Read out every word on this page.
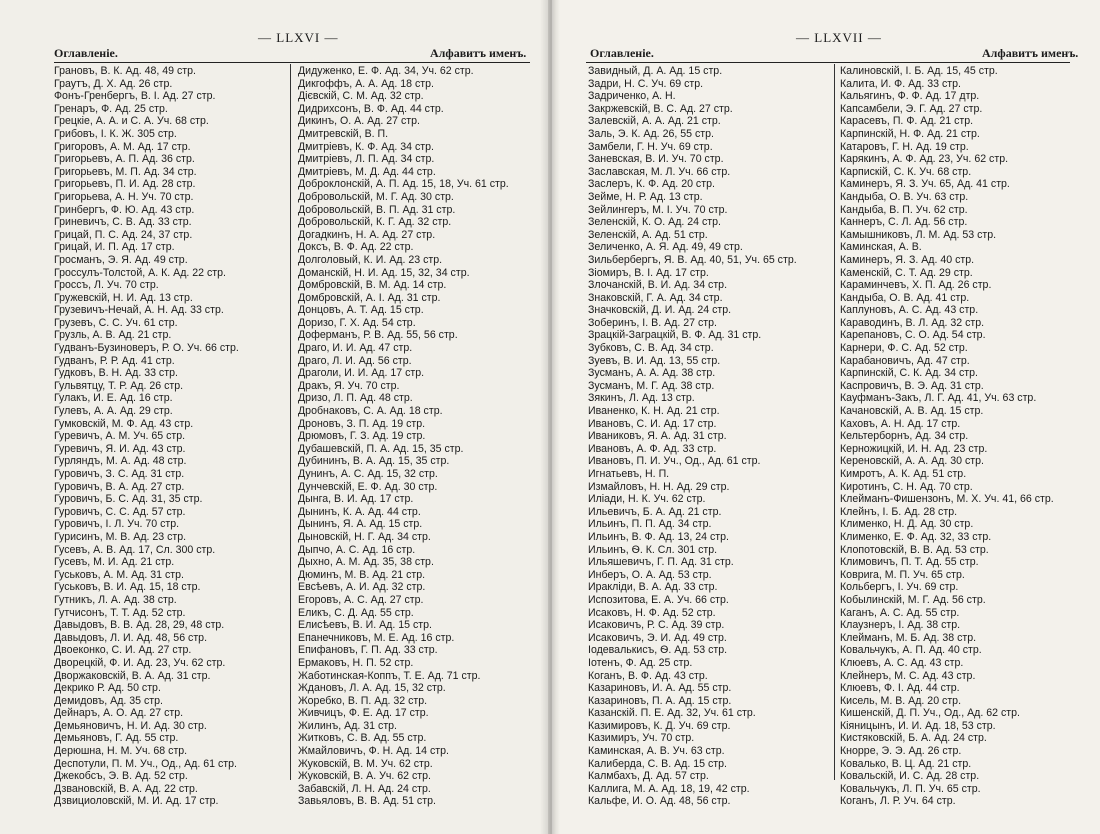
— LLXVI —
Оглавленіе.	Алфавитъ именъ.
Грановъ, В. К. Ад. 48, 49 стр.
Граутъ, Д. Х. Ад. 26 стр.
Фонъ-Гренбергъ, В. І. Ад. 27 стр.
Гренаръ, Ф. Ад. 25 стр.
Грецкіе, А. А. и С. А. Уч. 68 стр.
Грибовъ, І. К. Ж. 305 стр.
Григоровъ, А. М. Ад. 17 стр.
Григорьевъ, А. П. Ад. 36 стр.
Григорьевъ, М. П. Ад. 34 стр.
Григорьевъ, П. И. Ад. 28 стр.
Григорьева, А. Н. Уч. 70 стр.
Гринбергъ, Ф. Ю. Ад. 43 стр.
Гриневичъ, С. В. Ад. 33 стр.
Грицай, П. С. Ад. 24, 37 стр.
Грицай, И. П. Ад. 17 стр.
Гросманъ, Э. Я. Ад. 49 стр.
Гроссулъ-Толстой, А. К. Ад. 22 стр.
Гроссъ, Л. Уч. 70 стр.
Гружевскій, Н. И. Ад. 13 стр.
Грузевичъ-Нечай, А. Н. Ад. 33 стр.
Грузевъ, С. С. Уч. 61 стр.
Грузль, А. В. Ад. 21 стр.
Гудванъ-Бузиноверъ, Р. О. Уч. 66 стр.
Гудванъ, Р. Р. Ад. 41 стр.
Гудковъ, В. Н. Ад. 33 стр.
Гульвятцу, Т. Р. Ад. 26 стр.
Гулакъ, И. Е. Ад. 16 стр.
Гулевъ, А. А. Ад. 29 стр.
Гумковскій, М. Ф. Ад. 43 стр.
Гуревичъ, А. М. Уч. 65 стр.
Гуревичъ, Я. И. Ад. 43 стр.
Гурляндъ, М. А. Ад. 48 стр.
Гуровичъ, З. С. Ад. 31 стр.
Гуровичъ, В. А. Ад. 27 стр.
Гуровичъ, Б. С. Ад. 31, 35 стр.
Гуровичъ, С. С. Ад. 57 стр.
Гуровичъ, І. Л. Уч. 70 стр.
Гурисинъ, М. В. Ад. 23 стр.
Гусевъ, А. В. Ад. 17, Сл. 300 стр.
Гусевъ, М. И. Ад. 21 стр.
Гуськовъ, А. М. Ад. 31 стр.
Гуськовъ, В. И. Ад. 15, 18 стр.
Гутникъ, Л. А. Ад. 38 стр.
Гутчисонъ, Т. Т. Ад. 52 стр.
Давыдовъ, В. В. Ад. 28, 29, 48 стр.
Давыдовъ, Л. И. Ад. 48, 56 стр.
Двоеконко, С. И. Ад. 27 стр.
Дворецкій, Ф. И. Ад. 23, Уч. 62 стр.
Дворжаковскій, В. А. Ад. 31 стр.
Декрико Р. Ад. 50 стр.
Демидовъ, Ад. 35 стр.
Дейнаръ, А. О. Ад. 27 стр.
Демьяновичъ, Н. И. Ад. 30 стр.
Демьяновъ, Г. Ад. 55 стр.
Дерюшна, Н. М. Уч. 68 стр.
Деспотули, П. М. Уч., Од., Ад. 61 стр.
Джекобсъ, Э. В. Ад. 52 стр.
Дзвановскій, В. А. Ад. 22 стр.
Дзвициоловскій, М. И. Ад. 17 стр.
Дидуженко, Е. Ф. Ад. 34, Уч. 62 стр.
Дикгоффъ, А. А. Ад. 18 стр.
Дієвскій, С. М. Ад. 32 стр.
Дидрихсонъ, В. Ф. Ад. 44 стр.
Дикинъ, О. А. Ад. 27 стр.
Дмитревскій, В. П.
Дмитріевъ, К. Ф. Ад. 34 стр.
Дмитріевъ, Л. П. Ад. 34 стр.
Дмитріевъ, М. Д. Ад. 44 стр.
Доброклонскій, А. П. Ад. 15, 18, Уч. 61 стр.
Добровольскій, М. Г. Ад. 30 стр.
Добровольскій, В. П. Ад. 31 стр.
Добровольскій, К. Г. Ад. 32 стр.
Догадкинъ, Н. А. Ад. 27 стр.
Доксъ, В. Ф. Ад. 22 стр.
Долголовый, К. И. Ад. 23 стр.
Доманскій, Н. И. Ад. 15, 32, 34 стр.
Домбровскій, В. М. Ад. 14 стр.
Домбровскій, А. І. Ад. 31 стр.
Донцовъ, А. Т. Ад. 15 стр.
Доризо, Г. Х. Ад. 54 стр.
Доферманъ, Р. В. Ад. 55, 56 стр.
Драго, И. И. Ад. 47 стр.
Драго, Л. И. Ад. 56 стр.
Драголи, И. И. Ад. 17 стр.
Дракъ, Я. Уч. 70 стр.
Дризо, Л. П. Ад. 48 стр.
Дробнаковъ, С. А. Ад. 18 стр.
Дроновъ, З. П. Ад. 19 стр.
Дрюмовъ, Г. З. Ад. 19 стр.
Дубашевскій, П. А. Ад. 15, 35 стр.
Дубининъ, В. А. Ад. 15, 35 стр.
Дунинъ, А. С. Ад. 15, 32 стр.
Дунчевскій, Е. Ф. Ад. 30 стр.
Дынга, В. И. Ад. 17 стр.
Дынинъ, К. А. Ад. 44 стр.
Дынинъ, Я. А. Ад. 15 стр.
Дыновскій, Н. Г. Ад. 34 стр.
Дыпчо, А. С. Ад. 16 стр.
Дыхно, А. М. Ад. 35, 38 стр.
Дюминъ, М. В. Ад. 21 стр.
Евсѣевъ, А. И. Ад. 32 стр.
Егоровъ, А. С. Ад. 27 стр.
Еликъ, С. Д. Ад. 55 стр.
Елисѣевъ, В. И. Ад. 15 стр.
Епанечниковъ, М. Е. Ад. 16 стр.
Епифановъ, Г. П. Ад. 33 стр.
Ермаковъ, Н. П. 52 стр.
Жаботинская-Коппъ, Т. Е. Ад. 71 стр.
Ждановъ, Л. А. Ад. 15, 32 стр.
Жоребко, В. П. Ад. 32 стр.
Живчицъ, Ф. Е. Ад. 17 стр.
Жилинъ, Ад. 31 стр.
Житковъ, С. В. Ад. 55 стр.
Жмайловичъ, Ф. Н. Ад. 14 стр.
Жуковскій, В. М. Уч. 62 стр.
Жуковскій, В. А. Уч. 62 стр.
Забавскій, Л. Н. Ад. 24 стр.
Завьяловъ, В. В. Ад. 51 стр.
— LLXVII —
Оглавленіе.	Алфавитъ именъ.
Завидный, Д. А. Ад. 15 стр.
Задри, Н. С. Уч. 69 стр.
Задриченко, А. Н.
Закржевскій, В. С. Ад. 27 стр.
Залевскій, А. А. Ад. 21 стр.
Заль, Э. К. Ад. 26, 55 стр.
Замбели, Г. Н. Уч. 69 стр.
Заневская, В. И. Уч. 70 стр.
Заславская, М. Л. Уч. 66 стр.
Заслеръ, К. Ф. Ад. 20 стр.
Зейме, Н. Р. Ад. 13 стр.
Зейлингеръ, М. І. Уч. 70 стр.
Зеленскій, К. О. Ад. 24 стр.
Зеленскій, А. Ад. 51 стр.
Зеличенко, А. Я. Ад. 49, 49 стр.
Зильбербергъ, Я. В. Ад. 40, 51, Уч. 65 стр.
Зіомиръ, В. І. Ад. 17 стр.
Злочанскій, В. И. Ад. 34 стр.
Знаковскій, Г. А. Ад. 34 стр.
Значковскій, Д. И. Ад. 24 стр.
Зоберинъ, І. В. Ад. 27 стр.
Зрацкій-Заграцкій, В. Ф. Ад. 31 стр.
Зубковъ, С. В. Ад. 34 стр.
Зуевъ, В. И. Ад. 13, 55 стр.
Зусманъ, А. А. Ад. 38 стр.
Зусманъ, М. Г. Ад. 38 стр.
Зякинъ, Л. Ад. 13 стр.
Иваненко, К. Н. Ад. 21 стр.
Ивановъ, С. И. Ад. 17 стр.
Иваниковъ, Я. А. Ад. 31 стр.
Ивановъ, А. Ф. Ад. 33 стр.
Ивановъ, П. И. Уч., Од., Ад. 61 стр.
Игнатьевъ, Н. П.
Измайловъ, Н. Н. Ад. 29 стр.
Иліади, Н. К. Уч. 62 стр.
Ильевичъ, Б. А. Ад. 21 стр.
Ильинъ, П. П. Ад. 34 стр.
Ильинъ, В. Ф. Ад. 13, 24 стр.
Ильинъ, Ѳ. К. Сл. 301 стр.
Ильяшевичъ, Г. П. Ад. 31 стр.
Инберъ, О. А. Ад. 53 стр.
Иракліди, В. А. Ад. 33 стр.
Испозитова, Е. А. Уч. 66 стр.
Исаковъ, Н. Ф. Ад. 52 стр.
Исаковичъ, Р. С. Ад. 39 стр.
Исаковичъ, Э. И. Ад. 49 стр.
Іодевалькисъ, Ѳ. Ад. 53 стр.
Іотенъ, Ф. Ад. 25 стр.
Коганъ, В. Ф. Ад. 43 стр.
Казариновъ, И. А. Ад. 55 стр.
Казариновъ, П. А. Ад. 15 стр.
Казанскій. П. Е. Ад. 32, Уч. 61 стр.
Казимировъ, К. Д. Уч. 69 стр.
Казимиръ, Уч. 70 стр.
Каминская, А. В. Уч. 63 стр.
Калиберда, С. В. Ад. 15 стр.
Калмбахъ, Д. Ад. 57 стр.
Каллига, М. А. Ад. 18, 19, 42 стр.
Кальфе, И. О. Ад. 48, 56 стр.
Калиновскій, І. Б. Ад. 15, 45 стр.
Калита, И. Ф. Ад. 33 стр.
Кальягинъ, Ф. Ф. Ад. 17 дтр.
Капсамбели, Э. Г. Ад. 27 стр.
Карасевъ, П. Ф. Ад. 21 стр.
Карпинскій, Н. Ф. Ад. 21 стр.
Катаровъ, Г. Н. Ад. 19 стр.
Карякинъ, А. Ф. Ад. 23, Уч. 62 стр.
Карпискій, С. К. Уч. 68 стр.
Каминеръ, Я. З. Уч. 65, Ад. 41 стр.
Кандыба, О. В. Уч. 63 стр.
Кандыба, В. П. Уч. 62 стр.
Каннеръ, С. Л. Ад. 56 стр.
Камышниковъ, Л. М. Ад. 53 стр.
Каминская, А. В.
Каминеръ, Я. З. Ад. 40 стр.
Каменскій, С. Т. Ад. 29 стр.
Караминчевъ, Х. П. Ад. 26 стр.
Кандыба, О. В. Ад. 41 стр.
Каплуновъ, А. С. Ад. 43 стр.
Караводинъ, В. Л. Ад. 32 стр.
Карепановъ, С. О. Ад. 54 стр.
Карнери, Ф. С. Ад. 52 стр.
Карабановичъ, Ад. 47 стр.
Карпинскій, С. К. Ад. 34 стр.
Каспровичъ, В. Э. Ад. 31 стр.
Кауфманъ-Закъ, Л. Г. Ад. 41, Уч. 63 стр.
Качановскій, А. В. Ад. 15 стр.
Каховъ, А. Н. Ад. 17 стр.
Кельтерборнъ, Ад. 34 стр.
Керножицкій, И. Н. Ад. 23 стр.
Кереновскій, А. А. Ад. 30 стр.
Кимротъ, А. К. Ад. 51 стр.
Киротинъ, С. Н. Ад. 70 стр.
Клейманъ-Фишензонъ, М. Х. Уч. 41, 66 стр.
Клейнъ, І. Б. Ад. 28 стр.
Клименко, Н. Д. Ад. 30 стр.
Клименко, Е. Ф. Ад. 32, 33 стр.
Клопотовскій, В. В. Ад. 53 стр.
Климовичъ, П. Т. Ад. 55 стр.
Ковриrа, М. П. Уч. 65 стр.
Кольбергъ, І. Уч. 69 стр.
Кобылинскій, М. Г. Ад. 56 стр.
Каганъ, А. С. Ад. 55 стр.
Клаузнеръ, І. Ад. 38 стр.
Клейманъ, М. Б. Ад. 38 стр.
Ковальчукъ, А. П. Ад. 40 стр.
Клюевъ, А. С. Ад. 43 стр.
Клейнеръ, М. С. Ад. 43 стр.
Клюевъ, Ф. І. Ад. 44 стр.
Кисель, М. В. Ад. 20 стр.
Кишенскій, Д. П. Уч., Од., Ад. 62 стр.
Кіяницынъ, И. И. Ад. 18, 53 стр.
Кистяковскій, Б. А. Ад. 24 стр.
Кноррe, Э. Э. Ад. 26 стр.
Ковалько, В. Ц. Ад. 21 стр.
Ковальскій, И. С. Ад. 28 стр.
Ковальчукъ, Л. П. Уч. 65 стр.
Коганъ, Л. Р. Уч. 64 стр.
